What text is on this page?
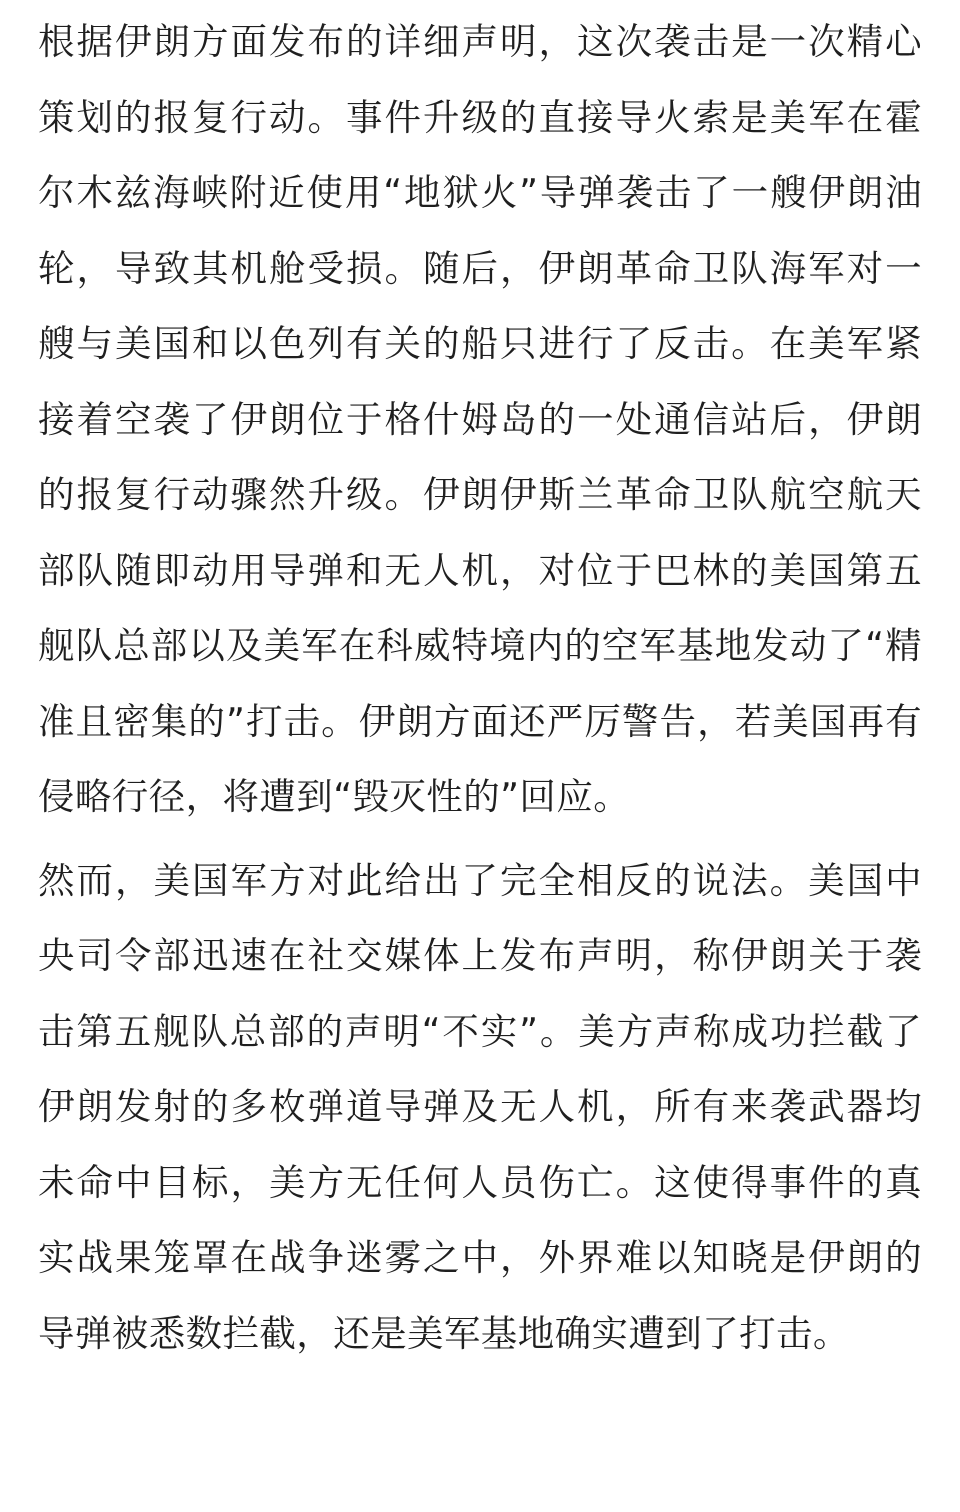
根据伊朗方面发布的详细声明，这次袭击是一次精心策划的报复行动。事件升级的直接导火索是美军在霍尔木兹海峡附近使用“地狱火”导弹袭击了一艘伊朗油轮，导致其机舱受损。随后，伊朗革命卫队海军对一艘与美国和以色列有关的船只进行了反击。在美军紧接着空袭了伊朗位于格什姆岛的一处通信站后，伊朗的报复行动骤然升级。伊朗伊斯兰革命卫队航空航天部队随即动用导弹和无人机，对位于巴林的美国第五舰队总部以及美军在科威特境内的空军基地发动了“精准且密集的”打击。伊朗方面还严厉警告，若美国再有侵略行径，将遭到“毁灭性的”回应。

然而，美国军方对此给出了完全相反的说法。美国中央司令部迅速在社交媒体上发布声明，称伊朗关于袭击第五舰队总部的声明“不实”。美方声称成功拦截了伊朗发射的多枚弹道导弹及无人机，所有来袭武器均未命中目标，美方无任何人员伤亡。这使得事件的真实战果笼罩在战争迷雾之中，外界难以知晓是伊朗的导弹被悉数拦截，还是美军基地确实遭到了打击。
